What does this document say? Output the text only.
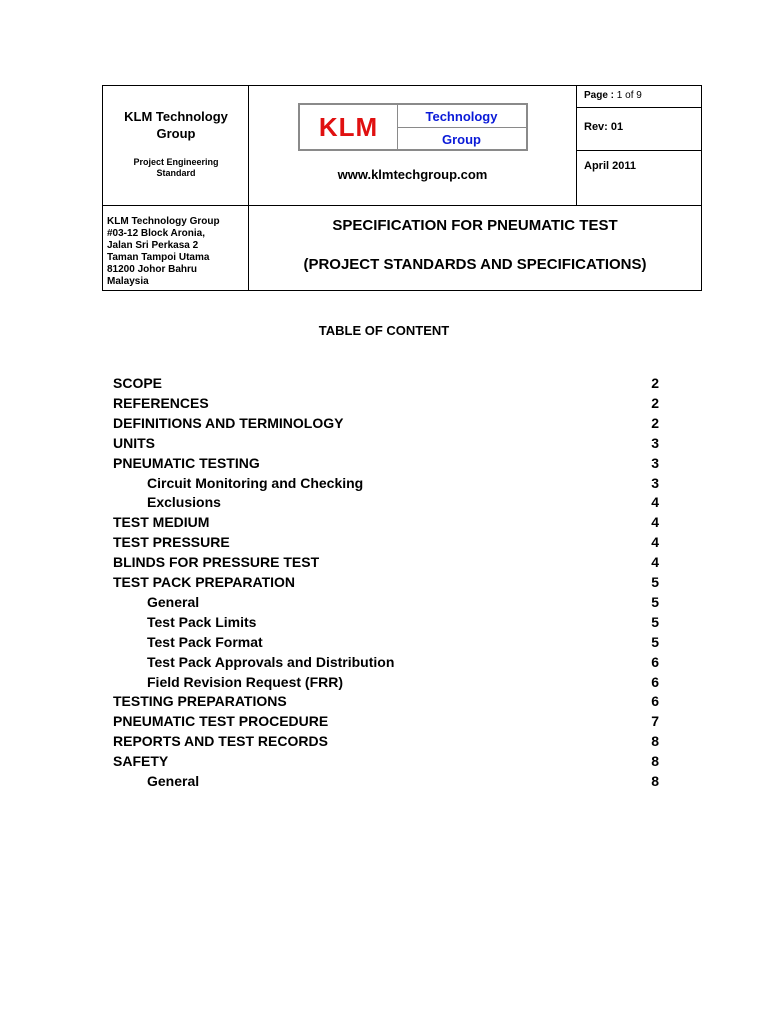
KLM Technology
Group
Project Engineering
Standard
KLM	Technology
Group
www.klmtechgroup.com
Page : 1 of 9
Rev: 01
April 2011
KLM Technology Group
#03-12 Block Aronia,
Jalan Sri Perkasa 2
Taman Tampoi Utama
81200 Johor Bahru
Malaysia
SPECIFICATION FOR PNEUMATIC TEST
(PROJECT STANDARDS AND SPECIFICATIONS)
TABLE OF CONTENT
SCOPE	2
REFERENCES	2
DEFINITIONS AND TERMINOLOGY	2
UNITS	3
PNEUMATIC TESTING	3
Circuit Monitoring and Checking	3
Exclusions	4
TEST MEDIUM	4
TEST PRESSURE	4
BLINDS FOR PRESSURE TEST	4
TEST PACK PREPARATION	5
General	5
Test Pack Limits	5
Test Pack Format	5
Test Pack Approvals and Distribution	6
Field Revision Request (FRR)	6
TESTING PREPARATIONS	6
PNEUMATIC TEST PROCEDURE	7
REPORTS AND TEST RECORDS	8
SAFETY	8
General	8
